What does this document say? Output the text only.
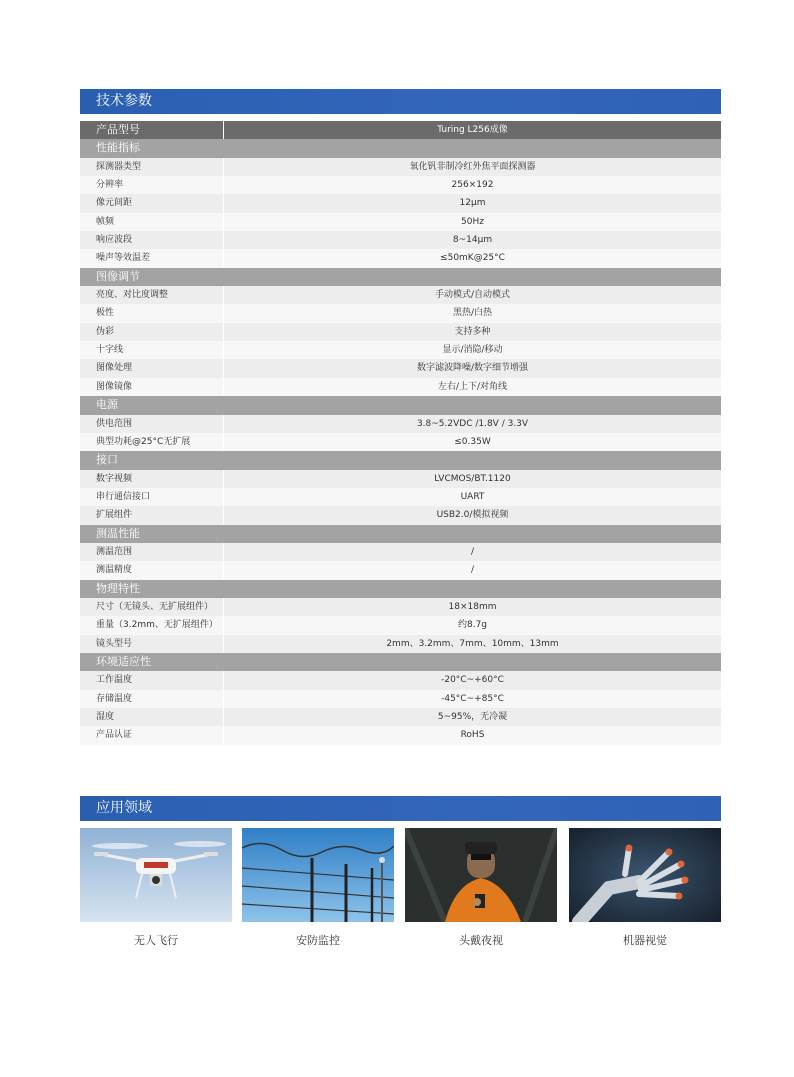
技术参数
产品型号	Turing L256成像
性能指标
探测器类型	氧化钒非制冷红外焦平面探测器
分辨率	256×192
像元间距	12μm
帧频	50Hz
响应波段	8~14μm
噪声等效温差	≤50mK@25°C
图像调节
亮度、对比度调整	手动模式/自动模式
极性	黑热/白热
伪彩	支持多种
十字线	显示/消隐/移动
图像处理	数字滤波降噪/数字细节增强
图像镜像	左右/上下/对角线
电源
供电范围	3.8~5.2VDC /1.8V / 3.3V
典型功耗@25°C无扩展	≤0.35W
接口
数字视频	LVCMOS/BT.1120
串行通信接口	UART
扩展组件	USB2.0/模拟视频
测温性能
测温范围	/
测温精度	/
物理特性
尺寸（无镜头、无扩展组件）	18×18mm
重量（3.2mm、无扩展组件）	约8.7g
镜头型号	2mm、3.2mm、7mm、10mm、13mm
环境适应性
工作温度	-20°C~+60°C
存储温度	-45°C~+85°C
湿度	5~95%，无冷凝
产品认证	RoHS
应用领域
无人飞行	安防监控	头戴夜视	机器视觉
